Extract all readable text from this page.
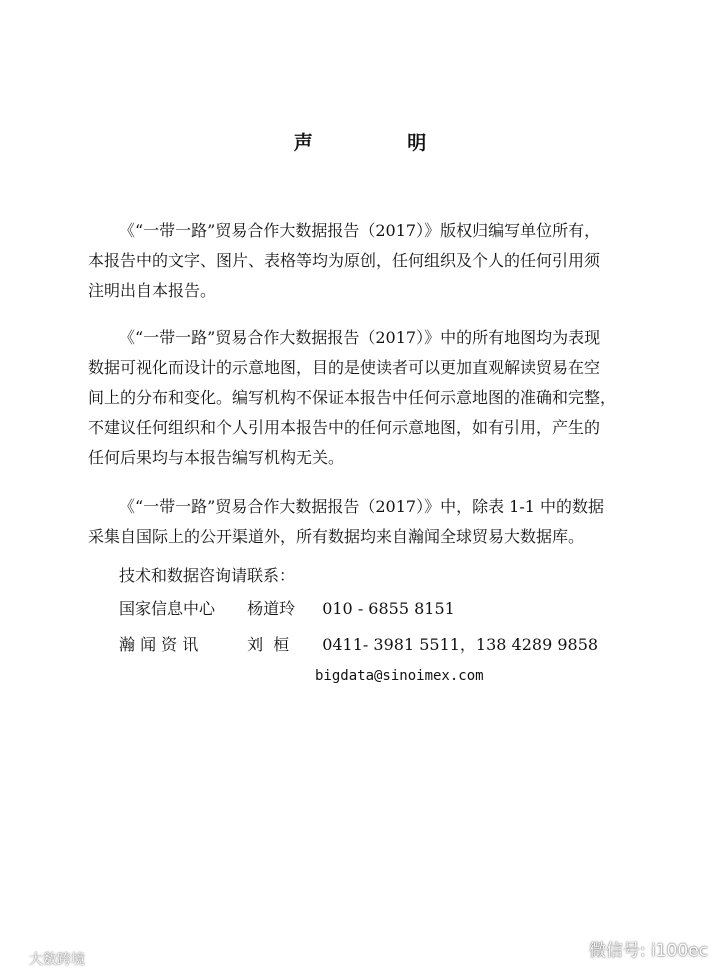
声 明

《“一带一路”贸易合作大数据报告（2017）》版权归编写单位所有，
本报告中的文字、图片、表格等均为原创，任何组织及个人的任何引用须
注明出自本报告。

《“一带一路”贸易合作大数据报告（2017）》中的所有地图均为表现
数据可视化而设计的示意地图，目的是使读者可以更加直观解读贸易在空
间上的分布和变化。编写机构不保证本报告中任何示意地图的准确和完整，
不建议任何组织和个人引用本报告中的任何示意地图，如有引用，产生的
任何后果均与本报告编写机构无关。

《“一带一路”贸易合作大数据报告（2017）》中，除表 1-1 中的数据
采集自国际上的公开渠道外，所有数据均来自瀚闻全球贸易大数据库。

技术和数据咨询请联系：
国家信息中心 杨道玲 010 - 6855 8151
瀚 闻 资 讯	刘  桓 0411- 3981 5511，138 4289 9858
bigdata@sinoimex.com
大数跨境	微信号: i100ec
